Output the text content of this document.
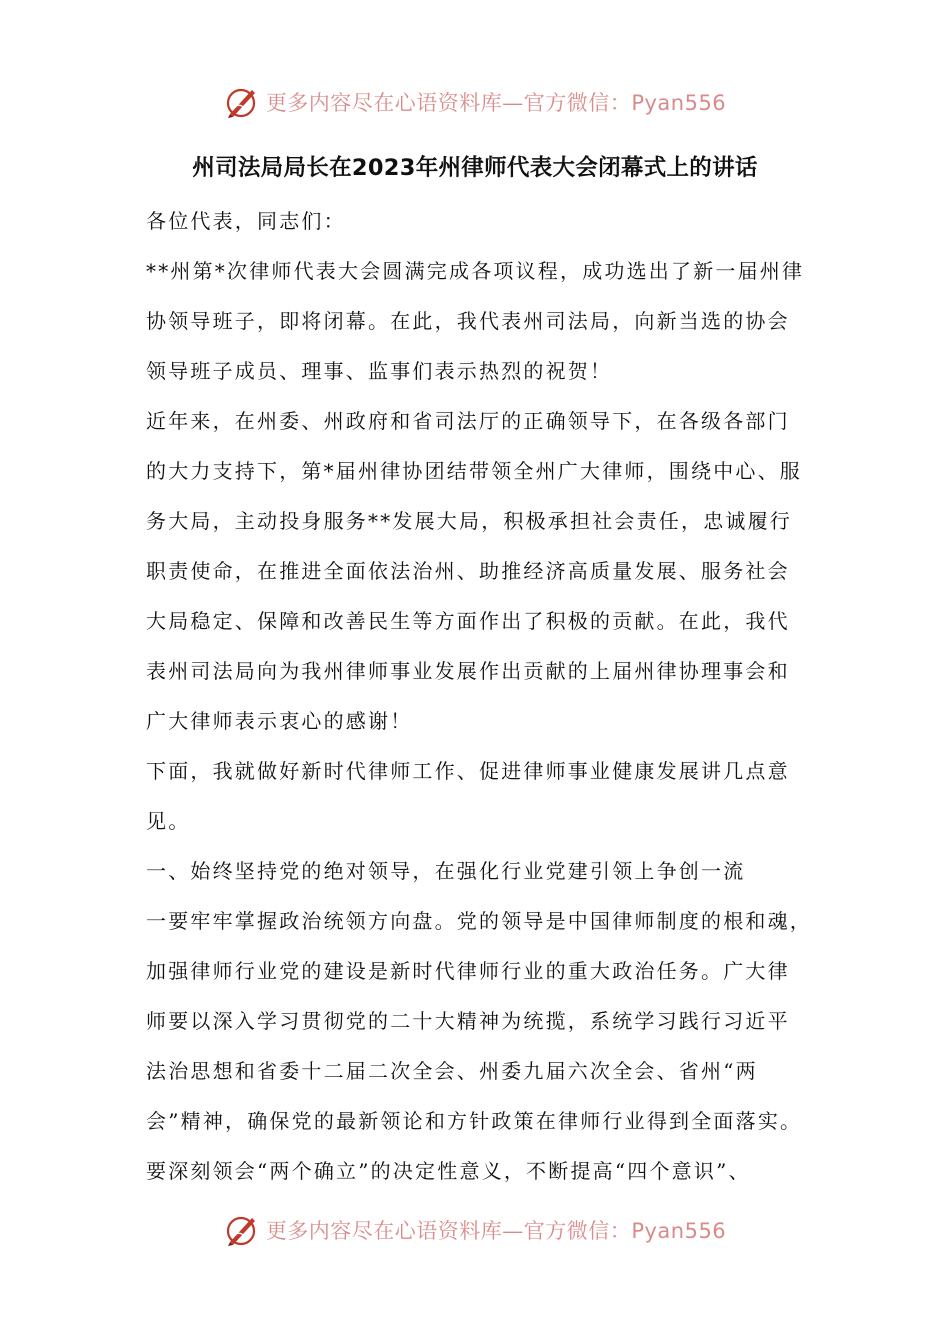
更多内容尽在心语资料库—官方微信：Pyan556
州司法局局长在2023年州律师代表大会闭幕式上的讲话

各位代表，同志们：

**州第*次律师代表大会圆满完成各项议程，成功选出了新一届州律

协领导班子，即将闭幕。在此，我代表州司法局，向新当选的协会

领导班子成员、理事、监事们表示热烈的祝贺！

近年来，在州委、州政府和省司法厅的正确领导下，在各级各部门

的大力支持下，第*届州律协团结带领全州广大律师，围绕中心、服

务大局，主动投身服务**发展大局，积极承担社会责任，忠诚履行

职责使命，在推进全面依法治州、助推经济高质量发展、服务社会

大局稳定、保障和改善民生等方面作出了积极的贡献。在此，我代

表州司法局向为我州律师事业发展作出贡献的上届州律协理事会和

广大律师表示衷心的感谢！

下面，我就做好新时代律师工作、促进律师事业健康发展讲几点意

见。

一、始终坚持党的绝对领导，在强化行业党建引领上争创一流

一要牢牢掌握政治统领方向盘。党的领导是中国律师制度的根和魂，

加强律师行业党的建设是新时代律师行业的重大政治任务。广大律

师要以深入学习贯彻党的二十大精神为统揽，系统学习践行习近平

法治思想和省委十二届二次全会、州委九届六次全会、省州“两

会”精神，确保党的最新领论和方针政策在律师行业得到全面落实。

要深刻领会“两个确立”的决定性意义，不断提高“四个意识”、

更多内容尽在心语资料库—官方微信：Pyan556
